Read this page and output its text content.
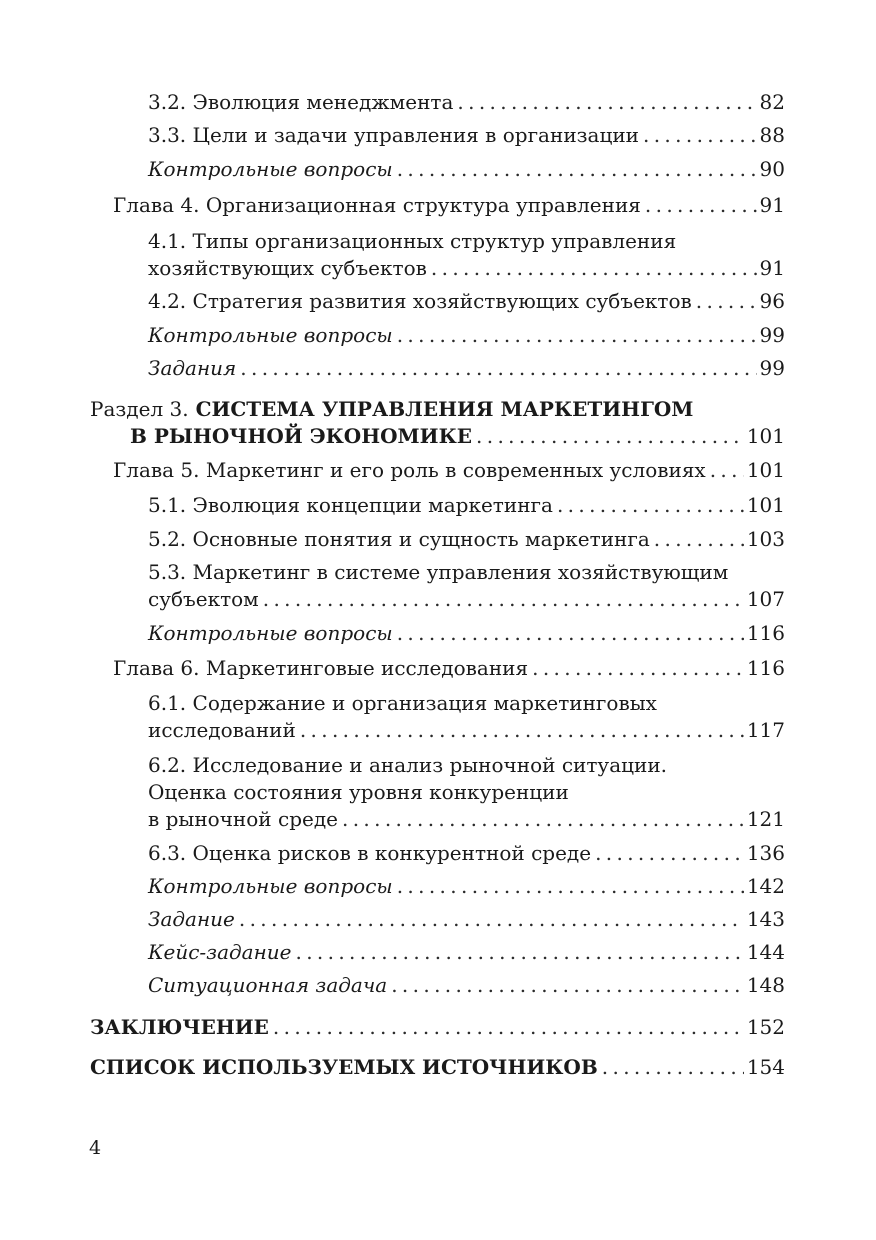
3.2. Эволюция менеджмента . . .	82
3.3. Цели и задачи управления в организации . . .	88
Контрольные вопросы . . .	90
Глава 4. Организационная структура управления . . .	91
4.1. Типы организационных структур управления
хозяйствующих субъектов . . .	91
4.2. Стратегия развития хозяйствующих субъектов . . .	96
Контрольные вопросы . . .	99
Задания . . .	99
Раздел 3. СИСТЕМА УПРАВЛЕНИЯ МАРКЕТИНГОМ
В РЫНОЧНОЙ ЭКОНОМИКЕ . . .	101
Глава 5. Маркетинг и его роль в современных условиях . . . 101
5.1. Эволюция концепции маркетинга . . .	101
5.2. Основные понятия и сущность маркетинга . . .	103
5.3. Маркетинг в системе управления хозяйствующим
субъектом . . .	107
Контрольные вопросы . . .	116
Глава 6. Маркетинговые исследования . . .	116
6.1. Содержание и организация маркетинговых
исследований . . .	117
6.2. Исследование и анализ рыночной ситуации.
Оценка состояния уровня конкуренции
в рыночной среде . . .	121
6.3. Оценка рисков в конкурентной среде . . .	136
Контрольные вопросы . . .	142
Задание . . .	143
Кейс-задание . . .	144
Ситуационная задача . . .	148
ЗАКЛЮЧЕНИЕ . . .	152
СПИСОК ИСПОЛЬЗУЕМЫХ ИСТОЧНИКОВ . . .	154
4
